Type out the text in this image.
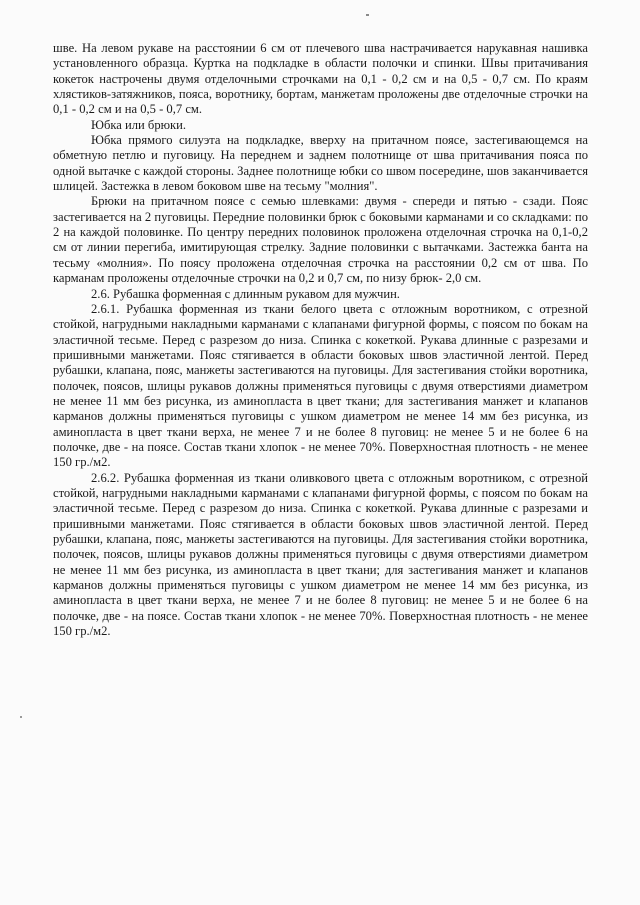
шве. На левом рукаве на расстоянии 6 см от плечевого шва настрачивается нарукавная нашивка установленного образца. Куртка на подкладке в области полочки и спинки. Швы притачивания кокеток настрочены двумя отделочными строчками на 0,1 - 0,2 см и на 0,5 - 0,7 см. По краям хлястиков-затяжников, пояса, воротнику, бортам, манжетам проложены две отделочные строчки на 0,1 - 0,2 см и на 0,5 - 0,7 см.

Юбка или брюки.

Юбка прямого силуэта на подкладке, вверху на притачном поясе, застегивающемся на обметную петлю и пуговицу. На переднем и заднем полотнище от шва притачивания пояса по одной вытачке с каждой стороны. Заднее полотнище юбки со швом посередине, шов заканчивается шлицей. Застежка в левом боковом шве на тесьму "молния".

Брюки на притачном поясе с семью шлевками: двумя - спереди и пятью - сзади. Пояс застегивается на 2 пуговицы. Передние половинки брюк с боковыми карманами и со складками: по 2 на каждой половинке. По центру передних половинок проложена отделочная строчка на 0,1-0,2 см от линии перегиба, имитирующая стрелку. Задние половинки с вытачками. Застежка банта на тесьму «молния». По поясу проложена отделочная строчка на расстоянии 0,2 см от шва. По карманам проложены отделочные строчки на 0,2 и 0,7 см, по низу брюк- 2,0 см.

2.6. Рубашка форменная с длинным рукавом для мужчин.

2.6.1. Рубашка форменная из ткани белого цвета с отложным воротником, с отрезной стойкой, нагрудными накладными карманами с клапанами фигурной формы, с поясом по бокам на эластичной тесьме. Перед с разрезом до низа. Спинка с кокеткой. Рукава длинные с разрезами и пришивными манжетами. Пояс стягивается в области боковых швов эластичной лентой. Перед рубашки, клапана, пояс, манжеты застегиваются на пуговицы. Для застегивания стойки воротника, полочек, поясов, шлицы рукавов должны применяться пуговицы с двумя отверстиями диаметром не менее 11 мм без рисунка, из аминопласта в цвет ткани; для застегивания манжет и клапанов карманов должны применяться пуговицы с ушком диаметром не менее 14 мм без рисунка, из аминопласта в цвет ткани верха, не менее 7 и не более 8 пуговиц: не менее 5 и не более 6 на полочке, две - на поясе. Состав ткани хлопок - не менее 70%. Поверхностная плотность - не менее 150 гр./м2.

2.6.2. Рубашка форменная из ткани оливкового цвета с отложным воротником, с отрезной стойкой, нагрудными накладными карманами с клапанами фигурной формы, с поясом по бокам на эластичной тесьме. Перед с разрезом до низа. Спинка с кокеткой. Рукава длинные с разрезами и пришивными манжетами. Пояс стягивается в области боковых швов эластичной лентой. Перед рубашки, клапана, пояс, манжеты застегиваются на пуговицы. Для застегивания стойки воротника, полочек, поясов, шлицы рукавов должны применяться пуговицы с двумя отверстиями диаметром не менее 11 мм без рисунка, из аминопласта в цвет ткани; для застегивания манжет и клапанов карманов должны применяться пуговицы с ушком диаметром не менее 14 мм без рисунка, из аминопласта в цвет ткани верха, не менее 7 и не более 8 пуговиц: не менее 5 и не более 6 на полочке, две - на поясе. Состав ткани хлопок - не менее 70%. Поверхностная плотность - не менее 150 гр./м2.
